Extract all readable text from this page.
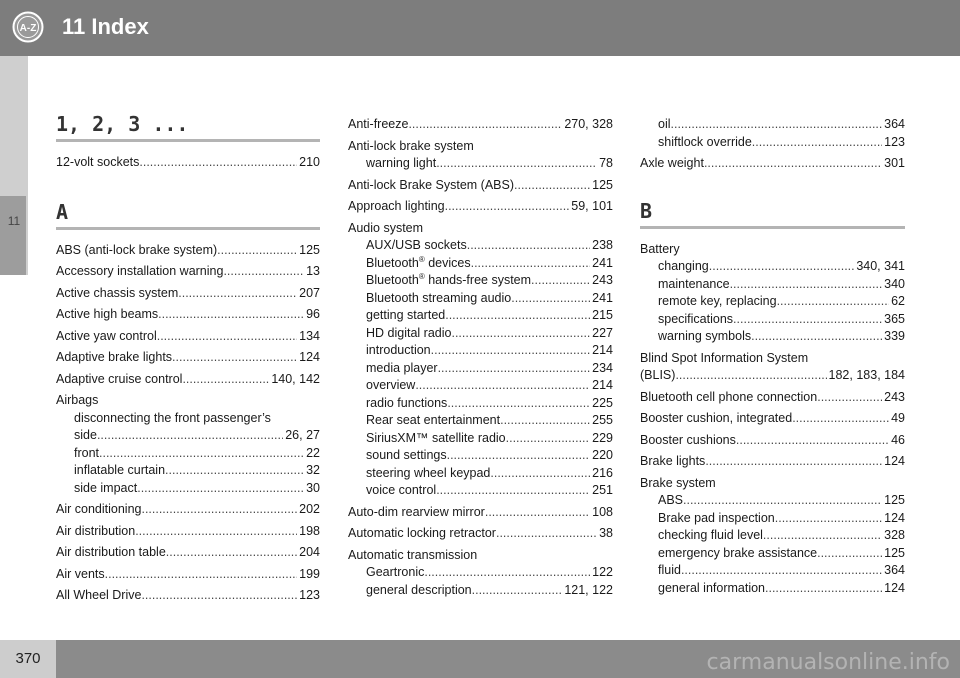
A-Z 11 Index
11
1, 2, 3 ...
12-volt sockets .....	210
A
ABS (anti-lock brake system) .....	125
Accessory installation warning .....	13
Active chassis system .....	207
Active high beams .....	96
Active yaw control .....	134
Adaptive brake lights .....	124
Adaptive cruise control .....	140, 142
Airbags
disconnecting the front passenger’s
side .....	26, 27
front .....	22
inflatable curtain .....	32
side impact .....	30
Air conditioning .....	202
Air distribution .....	198
Air distribution table .....	204
Air vents .....	199
All Wheel Drive .....	123
Anti-freeze .....	270, 328
Anti-lock brake system
warning light .....	78
Anti-lock Brake System (ABS) .....	125
Approach lighting .....	59, 101
Audio system
AUX/USB sockets .....	238
Bluetooth® devices .....	241
Bluetooth® hands-free system .....	243
Bluetooth streaming audio .....	241
getting started .....	215
HD digital radio .....	227
introduction .....	214
media player .....	234
overview .....	214
radio functions .....	225
Rear seat entertainment .....	255
SiriusXM™ satellite radio .....	229
sound settings .....	220
steering wheel keypad .....	216
voice control .....	251
Auto-dim rearview mirror .....	108
Automatic locking retractor .....	38
Automatic transmission
Geartronic .....	122
general description .....	121, 122
oil .....	364
shiftlock override .....	123
Axle weight .....	301
B
Battery
changing .....	340, 341
maintenance .....	340
remote key, replacing .....	62
specifications .....	365
warning symbols .....	339
Blind Spot Information System
(BLIS) .....	182, 183, 184
Bluetooth cell phone connection .....	243
Booster cushion, integrated .....	49
Booster cushions .....	46
Brake lights .....	124
Brake system
ABS .....	125
Brake pad inspection .....	124
checking fluid level .....	328
emergency brake assistance .....	125
fluid .....	364
general information .....	124
370	carmanualsonline.info
